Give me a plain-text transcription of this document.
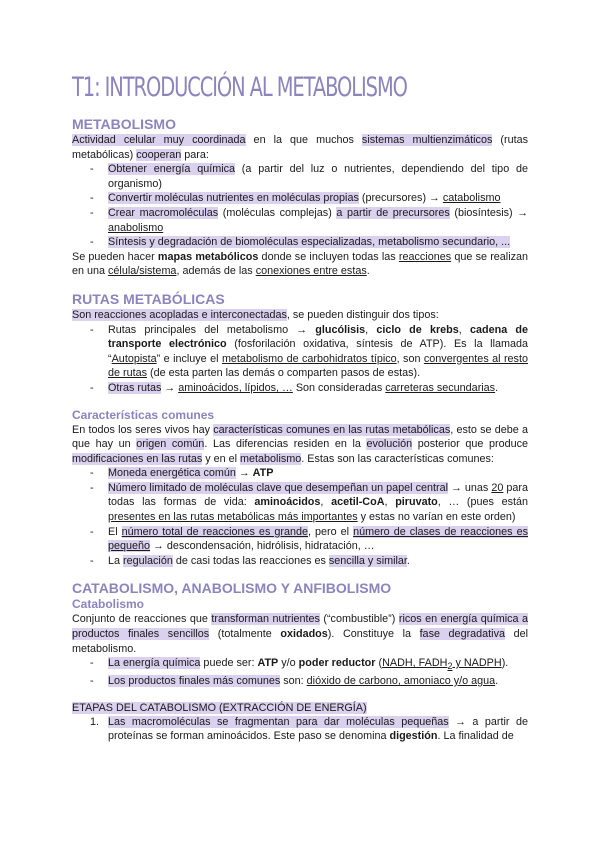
T1: INTRODUCCIÓN AL METABOLISMO
METABOLISMO

Actividad celular muy coordinada en la que muchos sistemas multienzimáticos (rutas metabólicas) cooperan para:

- Obtener energía química (a partir del luz o nutrientes, dependiendo del tipo de organismo)
- Convertir moléculas nutrientes en moléculas propias (precursores) → catabolismo
- Crear macromoléculas (moléculas complejas) a partir de precursores (biosíntesis) → anabolismo
- Síntesis y degradación de biomoléculas especializadas, metabolismo secundario, ...

Se pueden hacer mapas metabólicos donde se incluyen todas las reacciones que se realizan en una célula/sistema, además de las conexiones entre estas.

RUTAS METABÓLICAS

Son reacciones acopladas e interconectadas, se pueden distinguir dos tipos:

- Rutas principales del metabolismo → glucólisis, ciclo de krebs, cadena de transporte electrónico (fosforilación oxidativa, síntesis de ATP). Es la llamada “Autopista” e incluye el metabolismo de carbohidratos típico, son convergentes al resto de rutas (de esta parten las demás o comparten pasos de estas).
- Otras rutas → aminoácidos, lípidos, … Son consideradas carreteras secundarias.
Características comunes

En todos los seres vivos hay características comunes en las rutas metabólicas, esto se debe a que hay un origen común. Las diferencias residen en la evolución posterior que produce modificaciones en las rutas y en el metabolismo. Estas son las características comunes:

- Moneda energética común → ATP
- Número limitado de moléculas clave que desempeñan un papel central → unas 20 para todas las formas de vida: aminoácidos, acetil-CoA, piruvato, … (pues están presentes en las rutas metabólicas más importantes y estas no varían en este orden)
- El número total de reacciones es grande, pero el número de clases de reacciones es pequeño → descondensación, hidrólisis, hidratación, …
- La regulación de casi todas las reacciones es sencilla y similar.
CATABOLISMO, ANABOLISMO Y ANFIBOLISMO
Catabolismo

Conjunto de reacciones que transforman nutrientes (“combustible”) ricos en energía química a productos finales sencillos (totalmente oxidados). Constituye la fase degradativa del metabolismo.

- La energía química puede ser: ATP y/o poder reductor (NADH, $FADH_2$ y NADPH).
- Los productos finales más comunes son: dióxido de carbono, amoniaco y/o agua.

ETAPAS DEL CATABOLISMO (EXTRACCIÓN DE ENERGÍA)

1. Las macromoléculas se fragmentan para dar moléculas pequeñas → a partir de proteínas se forman aminoácidos. Este paso se denomina digestión. La finalidad de
